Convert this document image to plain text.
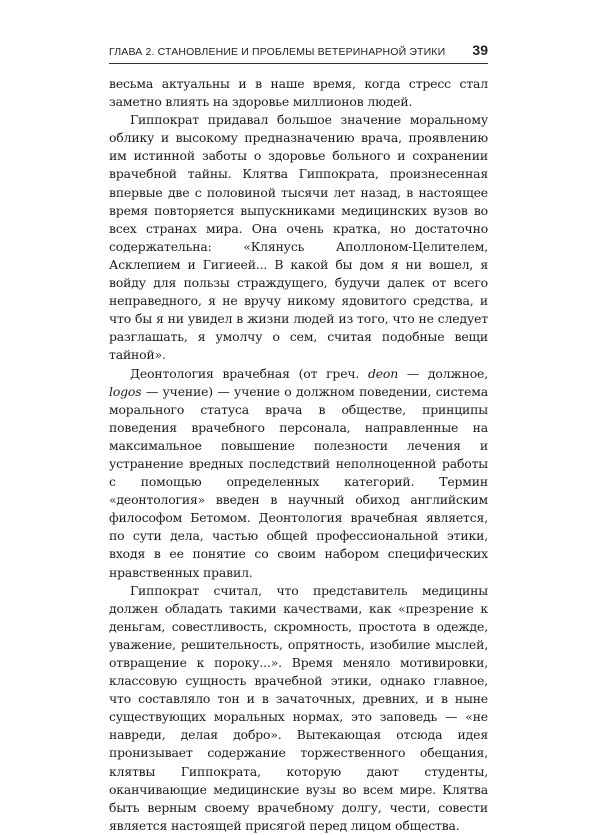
ГЛАВА 2. СТАНОВЛЕНИЕ И ПРОБЛЕМЫ ВЕТЕРИНАРНОЙ ЭТИКИ 39

весьма актуальны и в наше время, когда стресс стал заметно влиять на здоровье миллионов людей.

Гиппократ придавал большое значение моральному облику и высокому предназначению врача, проявлению им истинной заботы о здоровье больного и сохранении врачебной тайны. Клятва Гиппократа, произнесенная впервые две с половиной тысячи лет назад, в настоящее время повторяется выпускниками медицинских вузов во всех странах мира. Она очень кратка, но достаточно содержательна: «Клянусь Аполлоном-Целителем, Асклепием и Гигиеей... В какой бы дом я ни вошел, я войду для пользы страждущего, будучи далек от всего неправедного, я не вручу никому ядовитого средства, и что бы я ни увидел в жизни людей из того, что не следует разглашать, я умолчу о сем, считая подобные вещи тайной».

Деонтология врачебная (от греч. deon — должное, logos — учение) — учение о должном поведении, система морального статуса врача в обществе, принципы поведения врачебного персонала, направленные на максимальное повышение полезности лечения и устранение вредных последствий неполноценной работы с помощью определенных категорий. Термин «деонтология» введен в научный обиход английским философом Бетомом. Деонтология врачебная является, по сути дела, частью общей профессиональной этики, входя в ее понятие со своим набором специфических нравственных правил.

Гиппократ считал, что представитель медицины должен обладать такими качествами, как «презрение к деньгам, совестливость, скромность, простота в одежде, уважение, решительность, опрятность, изобилие мыслей, отвращение к пороку...». Время меняло мотивировки, классовую сущность врачебной этики, однако главное, что составляло тон и в зачаточных, древних, и в ныне существующих моральных нормах, это заповедь — «не навреди, делая добро». Вытекающая отсюда идея пронизывает содержание торжественного обещания, клятвы Гиппократа, которую дают студенты, оканчивающие медицинские вузы во всем мире. Клятва быть верным своему врачебному долгу, чести, совести является настоящей присягой перед лицом общества.
